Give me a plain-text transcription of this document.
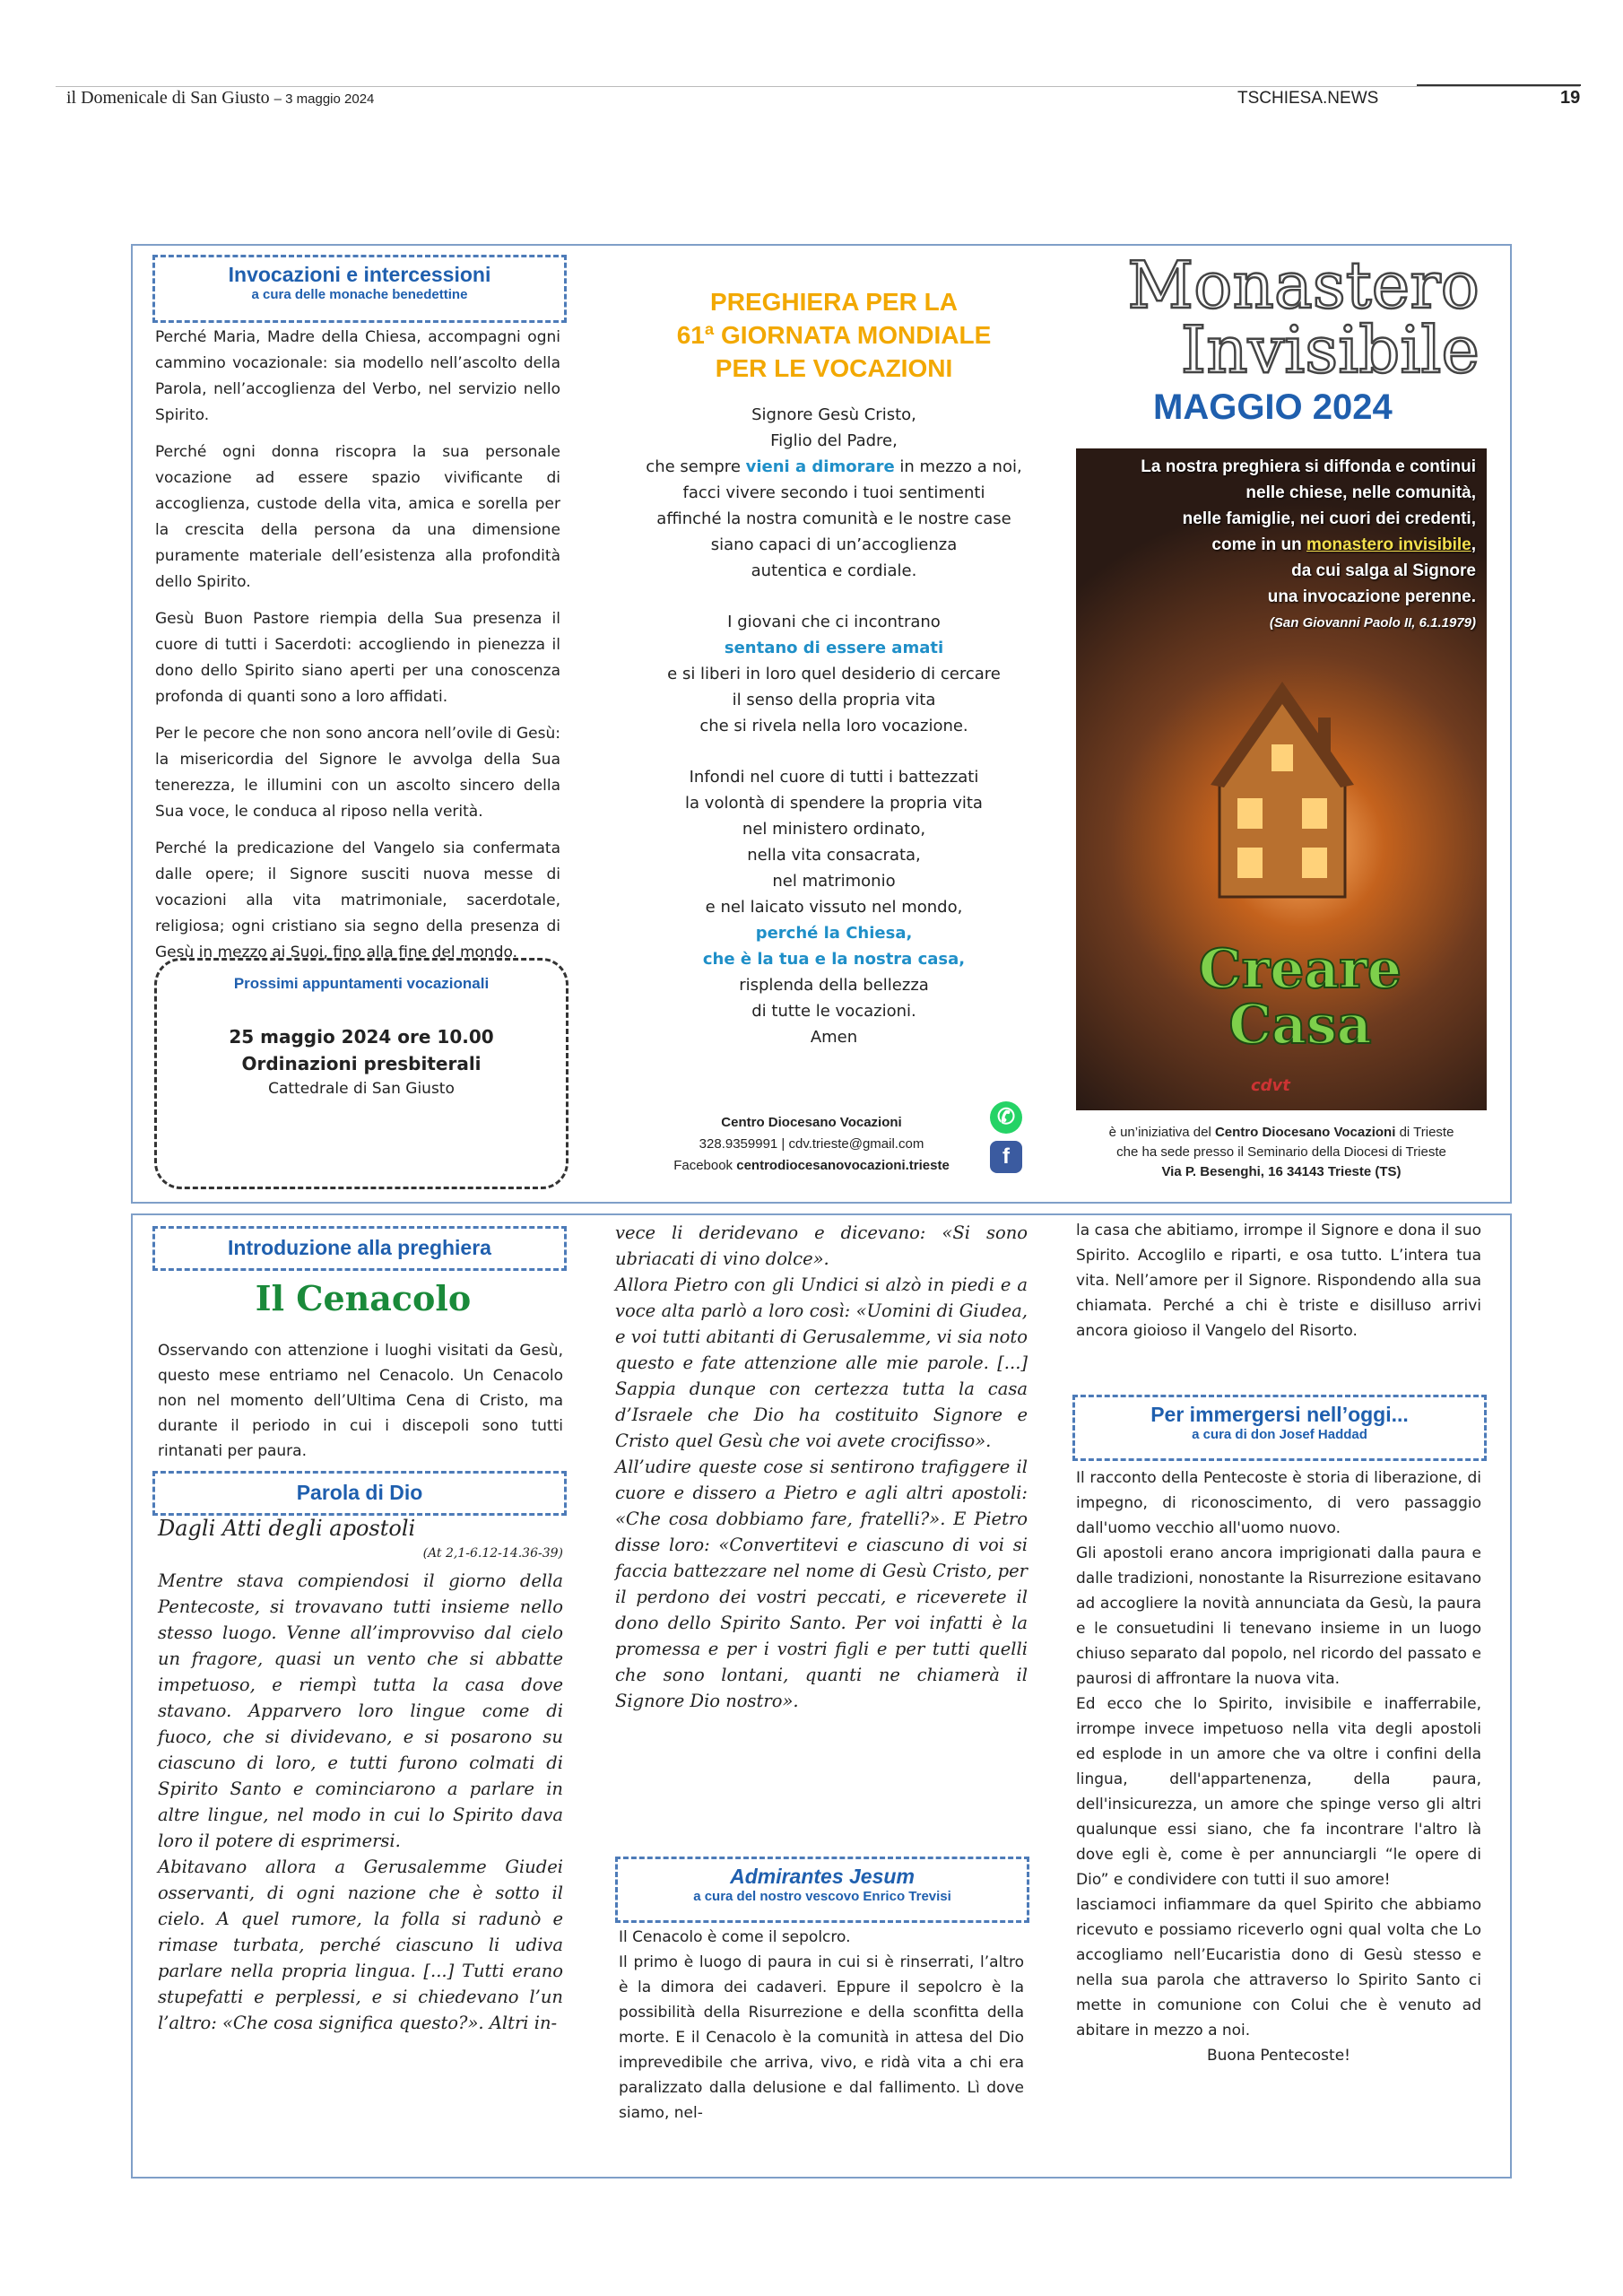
il Domenicale di San Giusto – 3 maggio 2024	TSCHIESA.NEWS	19
Invocazioni e intercessioni
a cura delle monache benedettine

Perché Maria, Madre della Chiesa, accompagni ogni cammino vocazionale: sia modello nell’ascolto della Parola, nell’accoglienza del Verbo, nel servizio nello Spirito.

Perché ogni donna riscopra la sua personale vocazione ad essere spazio vivificante di accoglienza, custode della vita, amica e sorella per la crescita della persona da una dimensione puramente materiale dell’esistenza alla profondità dello Spirito.

Gesù Buon Pastore riempia della Sua presenza il cuore di tutti i Sacerdoti: accogliendo in pienezza il dono dello Spirito siano aperti per una conoscenza profonda di quanti sono a loro affidati.

Per le pecore che non sono ancora nell’ovile di Gesù: la misericordia del Signore le avvolga della Sua tenerezza, le illumini con un ascolto sincero della Sua voce, le conduca al riposo nella verità.

Perché la predicazione del Vangelo sia confermata dalle opere; il Signore susciti nuova messe di vocazioni alla vita matrimoniale, sacerdotale, religiosa; ogni cristiano sia segno della presenza di Gesù in mezzo ai Suoi, fino alla fine del mondo.

Prossimi appuntamenti vocazionali
25 maggio 2024 ore 10.00
Ordinazioni presbiterali
Cattedrale di San Giusto
PREGHIERA PER LA
61ª GIORNATA MONDIALE
PER LE VOCAZIONI

Signore Gesù Cristo,
Figlio del Padre,
che sempre vieni a dimorare in mezzo a noi,
facci vivere secondo i tuoi sentimenti
affinché la nostra comunità e le nostre case
siano capaci di un’accoglienza
autentica e cordiale.

I giovani che ci incontrano
sentano di essere amati
e si liberi in loro quel desiderio di cercare
il senso della propria vita
che si rivela nella loro vocazione.

Infondi nel cuore di tutti i battezzati
la volontà di spendere la propria vita
nel ministero ordinato,
nella vita consacrata,
nel matrimonio
e nel laicato vissuto nel mondo,
perché la Chiesa,
che è la tua e la nostra casa,
risplenda della bellezza
di tutte le vocazioni.
Amen

Centro Diocesano Vocazioni
328.9359991 | cdv.trieste@gmail.com
Facebook centrodiocesanovocazioni.trieste
✆
f
Monastero
Invisibile
MAGGIO 2024
La nostra preghiera si diffonda e continui
nelle chiese, nelle comunità,
nelle famiglie, nei cuori dei credenti,
come in un monastero invisibile,
da cui salga al Signore
una invocazione perenne.
(San Giovanni Paolo II, 6.1.1979)
Creare
Casa
cdvt
è un’iniziativa del Centro Diocesano Vocazioni di Trieste
che ha sede presso il Seminario della Diocesi di Trieste
Via P. Besenghi, 16 34143 Trieste (TS)
Introduzione alla preghiera
Il Cenacolo
Osservando con attenzione i luoghi visitati da Gesù, questo mese entriamo nel Cenacolo. Un Cenacolo non nel momento dell’Ultima Cena di Cristo, ma durante il periodo in cui i discepoli sono tutti rintanati per paura.
Parola di Dio
Dagli Atti degli apostoli
(At 2,1-6.12-14.36-39)

Mentre stava compiendosi il giorno della Pentecoste, si trovavano tutti insieme nello stesso luogo. Venne all’improvviso dal cielo un fragore, quasi un vento che si abbatte impetuoso, e riempì tutta la casa dove stavano. Apparvero loro lingue come di fuoco, che si dividevano, e si posarono su ciascuno di loro, e tutti furono colmati di Spirito Santo e cominciarono a parlare in altre lingue, nel modo in cui lo Spirito dava loro il potere di esprimersi.

Abitavano allora a Gerusalemme Giudei osservanti, di ogni nazione che è sotto il cielo. A quel rumore, la folla si radunò e rimase turbata, perché ciascuno li udiva parlare nella propria lingua. [...] Tutti erano stupefatti e perplessi, e si chiedevano l’un l’altro: «Che cosa significa questo?». Altri in-

vece li deridevano e dicevano: «Si sono ubriacati di vino dolce».

Allora Pietro con gli Undici si alzò in piedi e a voce alta parlò a loro così: «Uomini di Giudea, e voi tutti abitanti di Gerusalemme, vi sia noto questo e fate attenzione alle mie parole. [...] Sappia dunque con certezza tutta la casa d’Israele che Dio ha costituito Signore e Cristo quel Gesù che voi avete crocifisso».

All’udire queste cose si sentirono trafiggere il cuore e dissero a Pietro e agli altri apostoli: «Che cosa dobbiamo fare, fratelli?». E Pietro disse loro: «Convertitevi e ciascuno di voi si faccia battezzare nel nome di Gesù Cristo, per il perdono dei vostri peccati, e riceverete il dono dello Spirito Santo. Per voi infatti è la promessa e per i vostri figli e per tutti quelli che sono lontani, quanti ne chiamerà il Signore Dio nostro».

Admirantes Jesum
a cura del nostro vescovo Enrico Trevisi
Il Cenacolo è come il sepolcro.
Il primo è luogo di paura in cui si è rinserrati, l’altro è la dimora dei cadaveri. Eppure il sepolcro è la possibilità della Risurrezione e della sconfitta della morte. E il Cenacolo è la comunità in attesa del Dio imprevedibile che arriva, vivo, e ridà vita a chi era paralizzato dalla delusione e dal fallimento. Lì dove siamo, nel-
la casa che abitiamo, irrompe il Signore e dona il suo Spirito. Accoglilo e riparti, e osa tutto. L’intera tua vita. Nell’amore per il Signore. Rispondendo alla sua chiamata. Perché a chi è triste e disilluso arrivi ancora gioioso il Vangelo del Risorto.
Per immergersi nell’oggi...
a cura di don Josef Haddad
Il racconto della Pentecoste è storia di liberazione, di impegno, di riconoscimento, di vero passaggio dall'uomo vecchio all'uomo nuovo.
Gli apostoli erano ancora imprigionati dalla paura e dalle tradizioni, nonostante la Risurrezione esitavano ad accogliere la novità annunciata da Gesù, la paura e le consuetudini li tenevano insieme in un luogo chiuso separato dal popolo, nel ricordo del passato e paurosi di affrontare la nuova vita.
Ed ecco che lo Spirito, invisibile e inafferrabile, irrompe invece impetuoso nella vita degli apostoli ed esplode in un amore che va oltre i confini della lingua, dell'appartenenza, della paura, dell'insicurezza, un amore che spinge verso gli altri qualunque essi siano, che fa incontrare l'altro là dove egli è, come è per annunciargli “le opere di Dio” e condividere con tutti il suo amore!
lasciamoci infiammare da quel Spirito che abbiamo ricevuto e possiamo riceverlo ogni qual volta che Lo accogliamo nell’Eucaristia dono di Gesù stesso e nella sua parola che attraverso lo Spirito Santo ci mette in comunione con Colui che è venuto ad abitare in mezzo a noi.
Buona Pentecoste!
